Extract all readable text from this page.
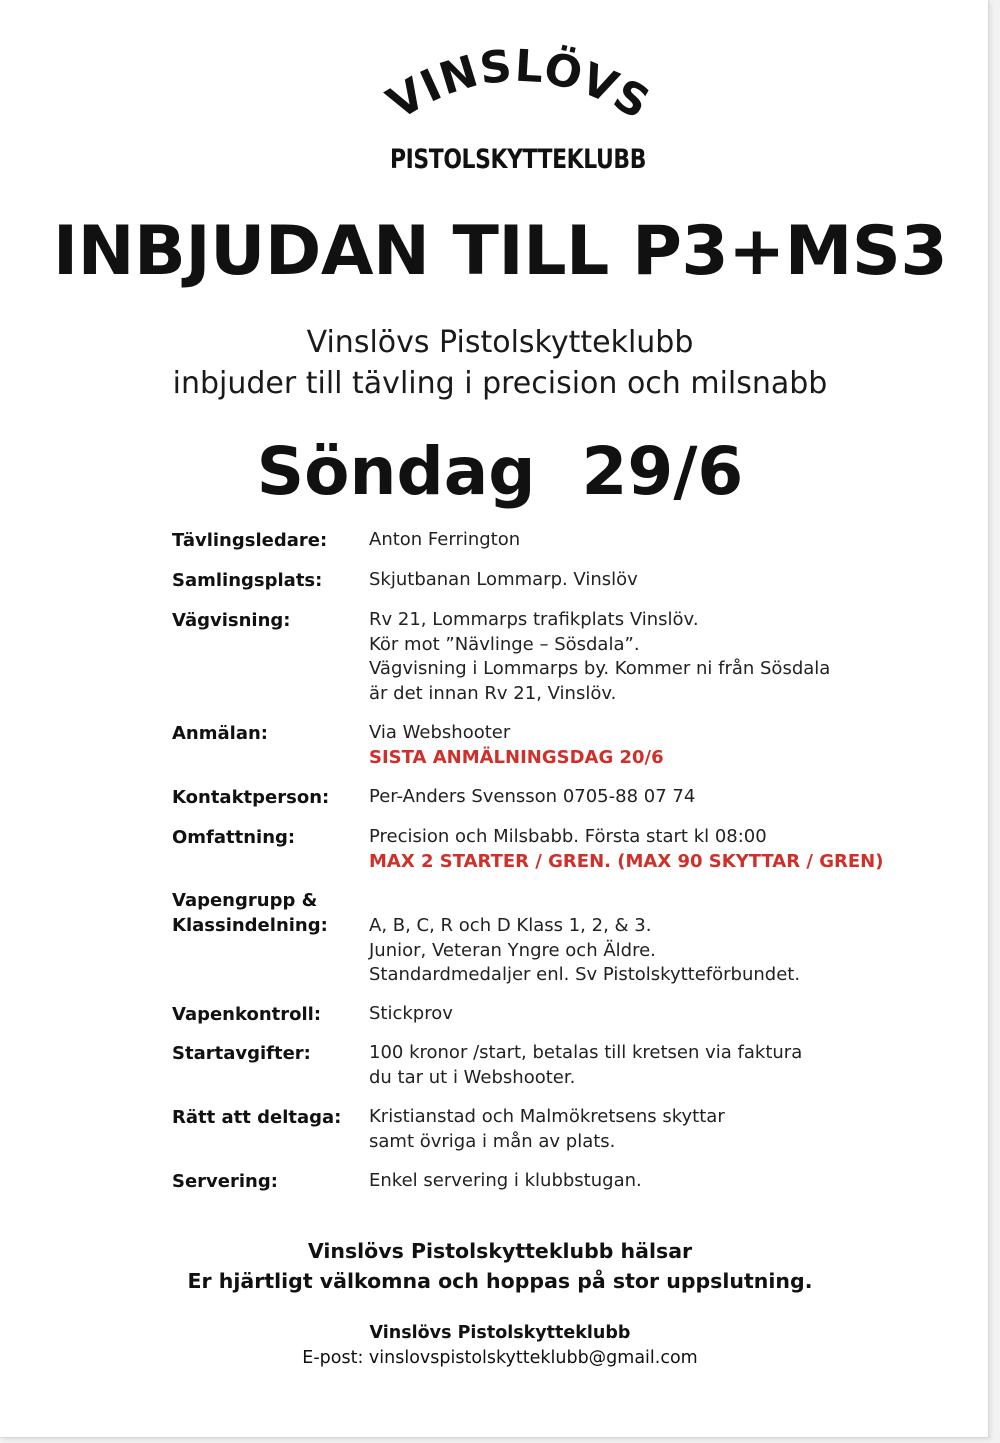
VINSLÖVS
PISTOLSKYTTEKLUBB
INBJUDAN TILL P3+MS3
Vinslövs Pistolskytteklubb
inbjuder till tävling i precision och milsnabb
Söndag  29/6
Tävlingsledare:	Anton Ferrington
Samlingsplats:	Skjutbanan Lommarp. Vinslöv
Vägvisning:	Rv 21, Lommarps trafikplats Vinslöv.
Kör mot ”Nävlinge – Sösdala”.
Vägvisning i Lommarps by. Kommer ni från Sösdala
är det innan Rv 21, Vinslöv.
Anmälan:	Via Webshooter
SISTA ANMÄLNINGSDAG 20/6
Kontaktperson:	Per-Anders Svensson 0705-88 07 74
Omfattning:	Precision och Milsbabb. Första start kl 08:00
MAX 2 STARTER / GREN. (MAX 90 SKYTTAR / GREN)
Vapengrupp &
Klassindelning:	A, B, C, R och D Klass 1, 2, & 3.
Junior, Veteran Yngre och Äldre.
Standardmedaljer enl. Sv Pistolskytteförbundet.
Vapenkontroll:	Stickprov
Startavgifter:	100 kronor /start, betalas till kretsen via faktura
du tar ut i Webshooter.
Rätt att deltaga:	Kristianstad och Malmökretsens skyttar
samt övriga i mån av plats.
Servering:	Enkel servering i klubbstugan.
Vinslövs Pistolskytteklubb hälsar
Er hjärtligt välkomna och hoppas på stor uppslutning.
Vinslövs Pistolskytteklubb
E-post: vinslovspistolskytteklubb@gmail.com
